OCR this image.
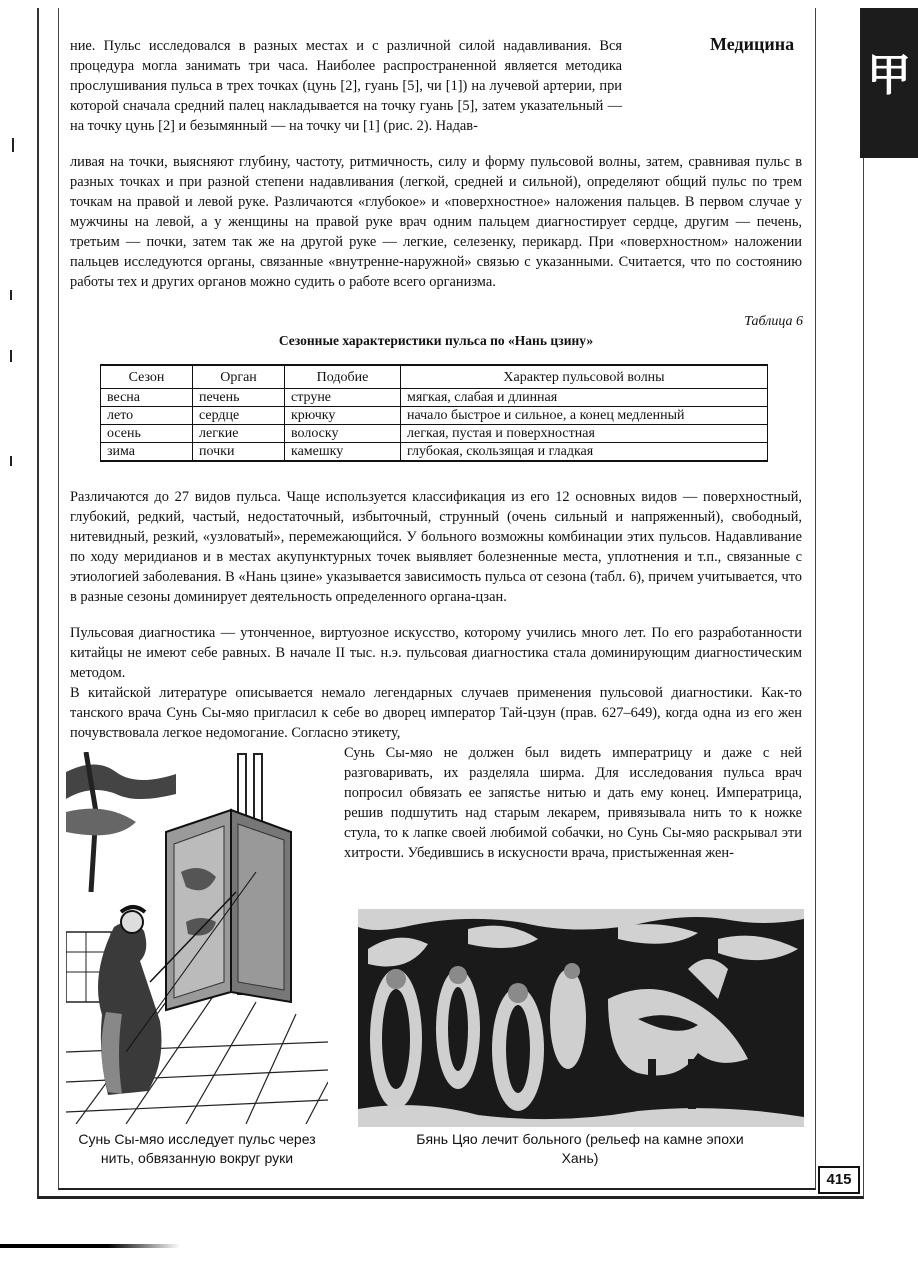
甲
Медицина

ние. Пульс исследовался в разных местах и с различной силой надавливания. Вся процедура могла занимать три часа. Наиболее распространенной является методика прослушивания пульса в трех точках (цунь [2], гуань [5], чи [1]) на лучевой артерии, при которой сначала средний палец накладывается на точку гуань [5], затем указательный — на точку цунь [2] и безымянный — на точку чи [1] (рис. 2). Надав-

ливая на точки, выясняют глубину, частоту, ритмичность, силу и форму пульсовой волны, затем, сравнивая пульс в разных точках и при разной степени надавливания (легкой, средней и сильной), определяют общий пульс по трем точкам на правой и левой руке. Различаются «глубокое» и «поверхностное» наложения пальцев. В первом случае у мужчины на левой, а у женщины на правой руке врач одним пальцем диагностирует сердце, другим — печень, третьим — почки, затем так же на другой руке — легкие, селезенку, перикард. При «поверхностном» наложении пальцев исследуются органы, связанные «внутренне-наружной» связью с указанными. Считается, что по состоянию работы тех и других органов можно судить о работе всего организма.

Таблица 6
Сезонные характеристики пульса по «Нань цзину»
Сезон	Орган	Подобие	Характер пульсовой волны
весна	печень	струне	мягкая, слабая и длинная
лето	сердце	крючку	начало быстрое и сильное, а конец медленный
осень	легкие	волоску	легкая, пустая и поверхностная
зима	почки	камешку	глубокая, скользящая и гладкая

Различаются до 27 видов пульса. Чаще используется классификация из его 12 основных видов — поверхностный, глубокий, редкий, частый, недостаточный, избыточный, струнный (очень сильный и напряженный), свободный, нитевидный, резкий, «узловатый», перемежающийся. У больного возможны комбинации этих пульсов. Надавливание по ходу меридианов и в местах акупунктурных точек выявляет болезненные места, уплотнения и т.п., связанные с этиологией заболевания. В «Нань цзине» указывается зависимость пульса от сезона (табл. 6), причем учитывается, что в разные сезоны доминирует деятельность определенного органа-цзан.

Пульсовая диагностика — утонченное, виртуозное искусство, которому учились много лет. По его разработанности китайцы не имеют себе равных. В начале II тыс. н.э. пульсовая диагностика стала доминирующим диагностическим методом.

В китайской литературе описывается немало легендарных случаев применения пульсовой диагностики. Как-то танского врача Сунь Сы-мяо пригласил к себе во дворец император Тай-цзун (прав. 627–649), когда одна из его жен почувствовала легкое недомогание. Согласно этикету,

Сунь Сы-мяо не должен был видеть императрицу и даже с ней разговаривать, их разделяла ширма. Для исследования пульса врач попросил обвязать ее запястье нитью и дать ему конец. Императрица, решив подшутить над старым лекарем, привязывала нить то к ножке стула, то к лапке своей любимой собачки, но Сунь Сы-мяо раскрывал эти хитрости. Убедившись в искусности врача, пристыженная жен-

Сунь Сы-мяо исследует пульс через нить, обвязанную вокруг руки
Бянь Цяо лечит больного (рельеф на камне эпохи Хань)
415
